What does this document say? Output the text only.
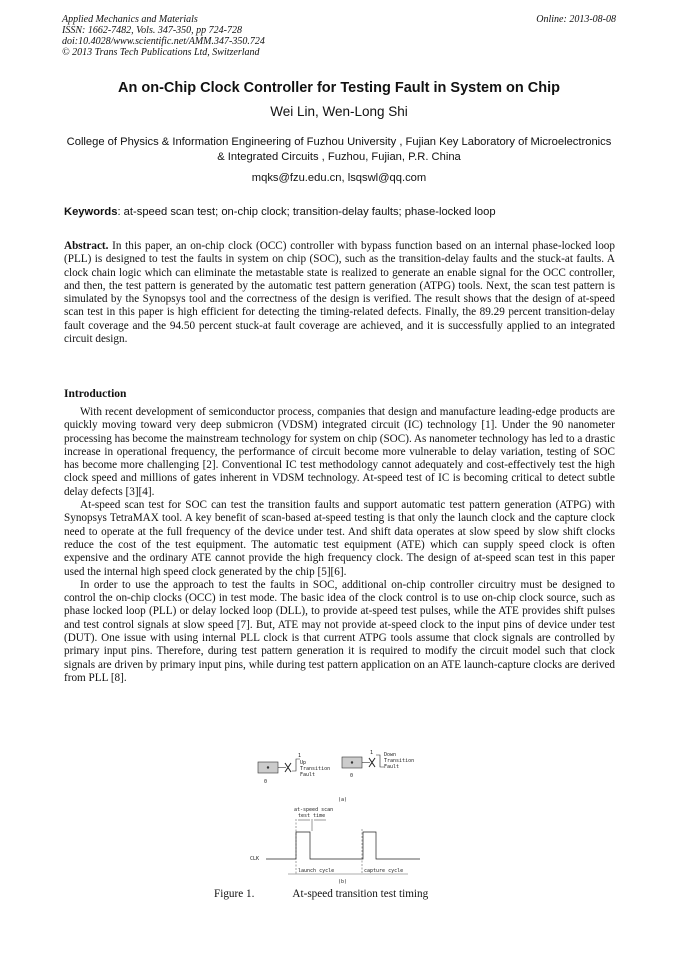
Applied Mechanics and Materials
ISSN: 1662-7482, Vols. 347-350, pp 724-728
doi:10.4028/www.scientific.net/AMM.347-350.724
© 2013 Trans Tech Publications Ltd, Switzerland
Online: 2013-08-08
An on-Chip Clock Controller for Testing Fault in System on Chip
Wei Lin, Wen-Long Shi
College of Physics & Information Engineering of Fuzhou University , Fujian Key Laboratory of Microelectronics & Integrated Circuits , Fuzhou, Fujian, P.R. China
mqks@fzu.edu.cn, lsqswl@qq.com
Keywords: at-speed scan test; on-chip clock; transition-delay faults; phase-locked loop
Abstract. In this paper, an on-chip clock (OCC) controller with bypass function based on an internal phase-locked loop (PLL) is designed to test the faults in system on chip (SOC), such as the transition-delay faults and the stuck-at faults. A clock chain logic which can eliminate the metastable state is realized to generate an enable signal for the OCC controller, and then, the test pattern is generated by the automatic test pattern generation (ATPG) tools. Next, the scan test pattern is simulated by the Synopsys tool and the correctness of the design is verified. The result shows that the design of at-speed scan test in this paper is high efficient for detecting the timing-related defects. Finally, the 89.29 percent transition-delay fault coverage and the 94.50 percent stuck-at fault coverage are achieved, and it is successfully applied to an integrated circuit design.
Introduction

With recent development of semiconductor process, companies that design and manufacture leading-edge products are quickly moving toward very deep submicron (VDSM) integrated circuit (IC) technology [1]. Under the 90 nanometer processing has become the mainstream technology for system on chip (SOC). As nanometer technology has led to a drastic increase in operational frequency, the performance of circuit become more vulnerable to delay variation, testing of SOC has become more challenging [2]. Conventional IC test methodology cannot adequately and cost-effectively test the high clock speed and millions of gates inherent in VDSM technology. At-speed test of IC is becoming critical to detect subtle delay defects [3][4].

At-speed scan test for SOC can test the transition faults and support automatic test pattern generation (ATPG) with Synopsys TetraMAX tool. A key benefit of scan-based at-speed testing is that only the launch clock and the capture clock need to operate at the full frequency of the device under test. And shift data operates at slow speed by slow shift clocks reduce the cost of the test equipment. The automatic test equipment (ATE) which can supply speed clock is often expensive and the ordinary ATE cannot provide the high frequency clock. The design of at-speed scan test in this paper used the internal high speed clock generated by the chip [5][6].

In order to use the approach to test the faults in SOC, additional on-chip controller circuitry must be designed to control the on-chip clocks (OCC) in test mode. The basic idea of the clock control is to use on-chip clock source, such as phase locked loop (PLL) or delay locked loop (DLL), to provide at-speed test pulses, while the ATE provides shift pulses and test control signals at slow speed [7]. But, ATE may not provide at-speed clock to the input pins of device under test (DUT). One issue with using internal PLL clock is that current ATPG tools assume that clock signals are controlled by primary input pins. Therefore, during test pattern generation it is required to modify the circuit model such that clock signals are driven by primary input pins, while during test pattern application on an ATE launch-capture clocks are derived from PLL [8].

1
0
Up
Transition
Fault
1
0
Down
Transition
Fault
(a)
at-speed scan
test time
CLK
launch cycle	capture cycle
(b)
Figure 1.	At-speed transition test timing
